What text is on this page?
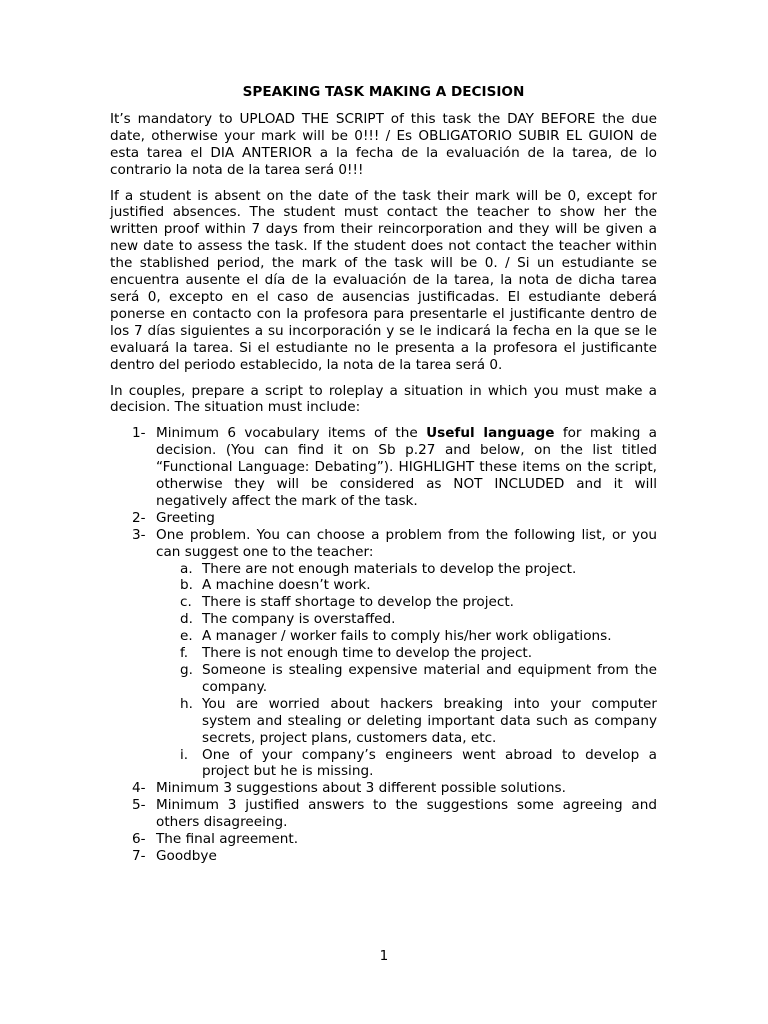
SPEAKING TASK MAKING A DECISION

It’s mandatory to UPLOAD THE SCRIPT of this task the DAY BEFORE the due date, otherwise your mark will be 0!!! / Es OBLIGATORIO SUBIR EL GUION de esta tarea el DIA ANTERIOR a la fecha de la evaluación de la tarea, de lo contrario la nota de la tarea será 0!!!

If a student is absent on the date of the task their mark will be 0, except for justified absences. The student must contact the teacher to show her the written proof within 7 days from their reincorporation and they will be given a new date to assess the task. If the student does not contact the teacher within the stablished period, the mark of the task will be 0. / Si un estudiante se encuentra ausente el día de la evaluación de la tarea, la nota de dicha tarea será 0, excepto en el caso de ausencias justificadas. El estudiante deberá ponerse en contacto con la profesora para presentarle el justificante dentro de los 7 días siguientes a su incorporación y se le indicará la fecha en la que se le evaluará la tarea. Si el estudiante no le presenta a la profesora el justificante dentro del periodo establecido, la nota de la tarea será 0.

In couples, prepare a script to roleplay a situation in which you must make a decision. The situation must include:

1- Minimum 6 vocabulary items of the Useful language for making a decision. (You can find it on Sb p.27 and below, on the list titled “Functional Language: Debating”). HIGHLIGHT these items on the script, otherwise they will be considered as NOT INCLUDED and it will negatively affect the mark of the task.
2- Greeting
3- One problem. You can choose a problem from the following list, or you can suggest one to the teacher:
a. There are not enough materials to develop the project.
b. A machine doesn’t work.
c. There is staff shortage to develop the project.
d. The company is overstaffed.
e. A manager / worker fails to comply his/her work obligations.
f. There is not enough time to develop the project.
g. Someone is stealing expensive material and equipment from the company.
h. You are worried about hackers breaking into your computer system and stealing or deleting important data such as company secrets, project plans, customers data, etc.
i. One of your company’s engineers went abroad to develop a project but he is missing.
4- Minimum 3 suggestions about 3 different possible solutions.
5- Minimum 3 justified answers to the suggestions some agreeing and others disagreeing.
6- The final agreement.
7- Goodbye
1
